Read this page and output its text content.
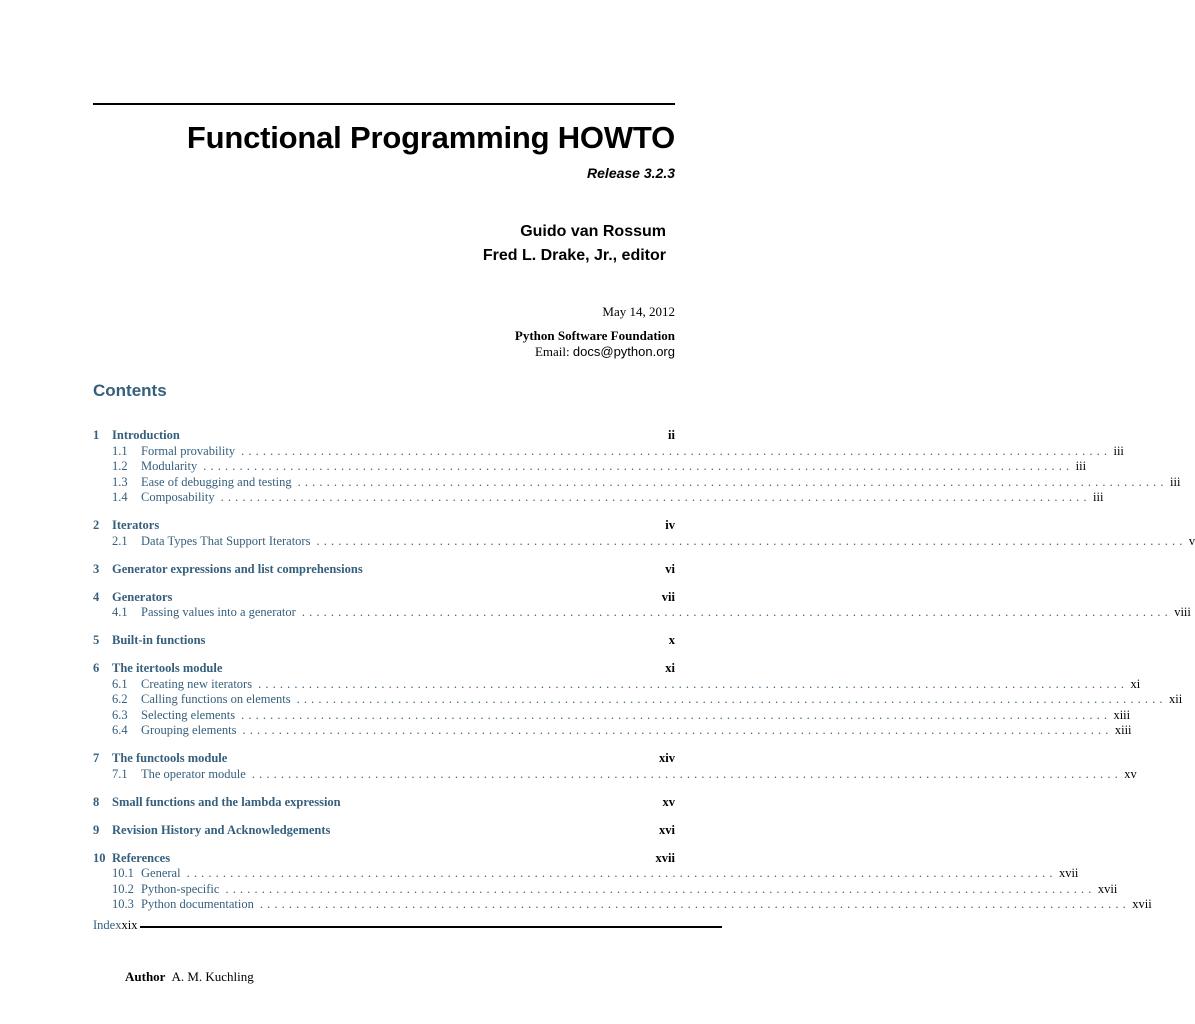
Functional Programming HOWTO
Release 3.2.3
Guido van Rossum
Fred L. Drake, Jr., editor
May 14, 2012
Python Software Foundation
Email: docs@python.org
Contents
1	Introduction	ii
1.1	Formal provability . . . . . . . . . . . . . . . . . . . . . . . . . . . . . . . . . . . . . . . . . . . . . . . . . . . . . . . . . . . . . . . . . . . . . . . . . . . . . . . . . . . . . . . . . . . . . . . . . . . . . . . . . . . . . . . . . . . . . . . . iii
1.2	Modularity . . . . . . . . . . . . . . . . . . . . . . . . . . . . . . . . . . . . . . . . . . . . . . . . . . . . . . . . . . . . . . . . . . . . . . . . . . . . . . . . . . . . . . . . . . . . . . . . . . . . . . . . . . . . . . . . . . . . . . . . iii
1.3	Ease of debugging and testing . . . . . . . . . . . . . . . . . . . . . . . . . . . . . . . . . . . . . . . . . . . . . . . . . . . . . . . . . . . . . . . . . . . . . . . . . . . . . . . . . . . . . . . . . . . . . . . . . . . . . . . . . . . . . . . . . . . . . . . . iii
1.4	Composability . . . . . . . . . . . . . . . . . . . . . . . . . . . . . . . . . . . . . . . . . . . . . . . . . . . . . . . . . . . . . . . . . . . . . . . . . . . . . . . . . . . . . . . . . . . . . . . . . . . . . . . . . . . . . . . . . . . . . . . . iii
2	Iterators	iv
2.1	Data Types That Support Iterators . . . . . . . . . . . . . . . . . . . . . . . . . . . . . . . . . . . . . . . . . . . . . . . . . . . . . . . . . . . . . . . . . . . . . . . . . . . . . . . . . . . . . . . . . . . . . . . . . . . . . . . . . . . . . . . . . . . . . . . . v
3	Generator expressions and list comprehensions	vi
4	Generators	vii
4.1	Passing values into a generator . . . . . . . . . . . . . . . . . . . . . . . . . . . . . . . . . . . . . . . . . . . . . . . . . . . . . . . . . . . . . . . . . . . . . . . . . . . . . . . . . . . . . . . . . . . . . . . . . . . . . . . . . . . . . . . . . . . . . . . . viii
5	Built-in functions	x
6	The itertools module	xi
6.1	Creating new iterators . . . . . . . . . . . . . . . . . . . . . . . . . . . . . . . . . . . . . . . . . . . . . . . . . . . . . . . . . . . . . . . . . . . . . . . . . . . . . . . . . . . . . . . . . . . . . . . . . . . . . . . . . . . . . . . . . . . . . . . . xi
6.2	Calling functions on elements . . . . . . . . . . . . . . . . . . . . . . . . . . . . . . . . . . . . . . . . . . . . . . . . . . . . . . . . . . . . . . . . . . . . . . . . . . . . . . . . . . . . . . . . . . . . . . . . . . . . . . . . . . . . . . . . . . . . . . . . xii
6.3	Selecting elements . . . . . . . . . . . . . . . . . . . . . . . . . . . . . . . . . . . . . . . . . . . . . . . . . . . . . . . . . . . . . . . . . . . . . . . . . . . . . . . . . . . . . . . . . . . . . . . . . . . . . . . . . . . . . . . . . . . . . . . . xiii
6.4	Grouping elements . . . . . . . . . . . . . . . . . . . . . . . . . . . . . . . . . . . . . . . . . . . . . . . . . . . . . . . . . . . . . . . . . . . . . . . . . . . . . . . . . . . . . . . . . . . . . . . . . . . . . . . . . . . . . . . . . . . . . . . . xiii
7	The functools module	xiv
7.1	The operator module . . . . . . . . . . . . . . . . . . . . . . . . . . . . . . . . . . . . . . . . . . . . . . . . . . . . . . . . . . . . . . . . . . . . . . . . . . . . . . . . . . . . . . . . . . . . . . . . . . . . . . . . . . . . . . . . . . . . . . . . xv
8	Small functions and the lambda expression	xv
9	Revision History and Acknowledgements	xvi
10 References	xvii
10.1 General . . . . . . . . . . . . . . . . . . . . . . . . . . . . . . . . . . . . . . . . . . . . . . . . . . . . . . . . . . . . . . . . . . . . . . . . . . . . . . . . . . . . . . . . . . . . . . . . . . . . . . . . . . . . . . . . . . . . . . . . xvii
10.2 Python-specific . . . . . . . . . . . . . . . . . . . . . . . . . . . . . . . . . . . . . . . . . . . . . . . . . . . . . . . . . . . . . . . . . . . . . . . . . . . . . . . . . . . . . . . . . . . . . . . . . . . . . . . . . . . . . . . . . . . . . . . . xvii
10.3 Python documentation . . . . . . . . . . . . . . . . . . . . . . . . . . . . . . . . . . . . . . . . . . . . . . . . . . . . . . . . . . . . . . . . . . . . . . . . . . . . . . . . . . . . . . . . . . . . . . . . . . . . . . . . . . . . . . . . . . . . . . . . xvii
Index xix
Author A. M. Kuchling
